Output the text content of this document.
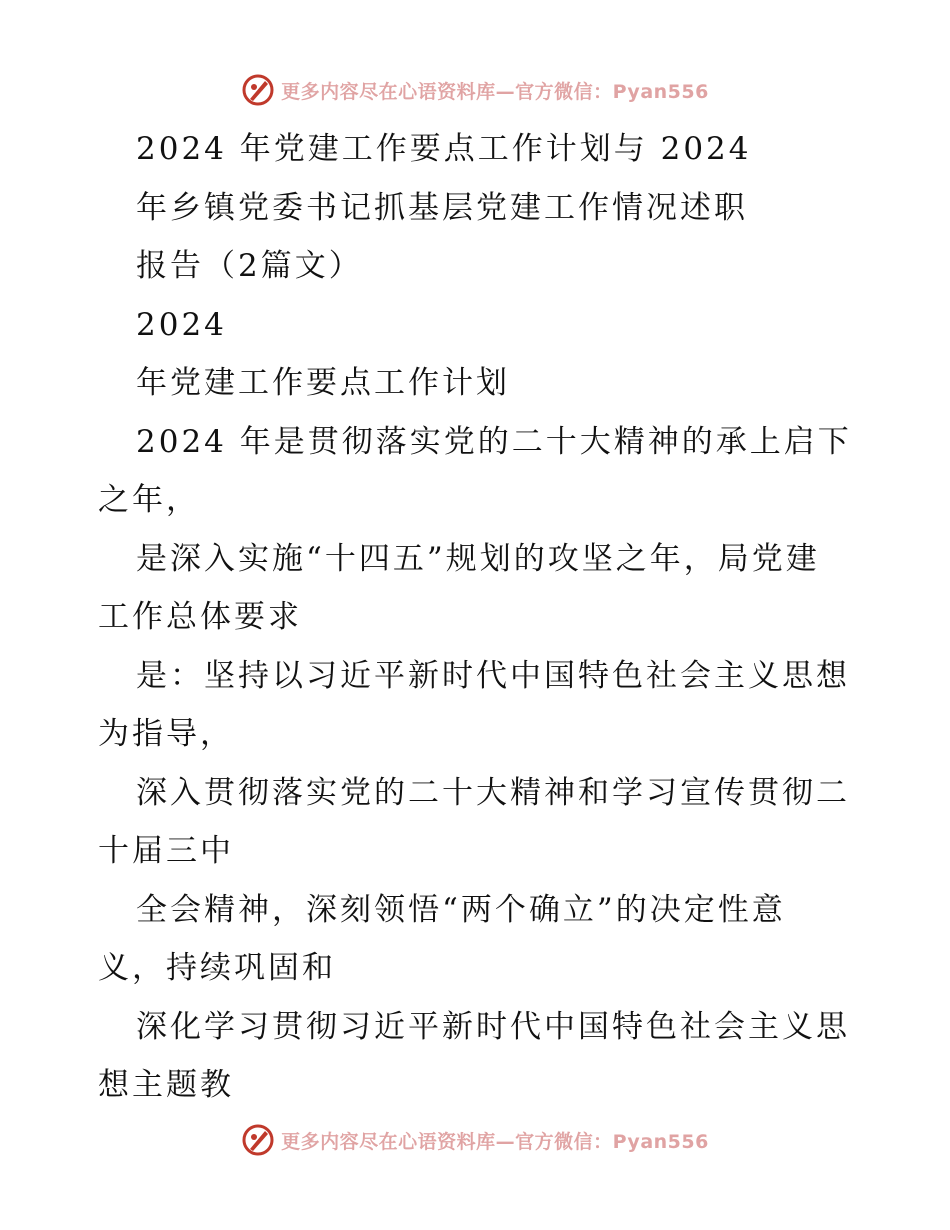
更多内容尽在心语资料库—官方微信：Pyan556
2024 年党建工作要点工作计划与 2024
年乡镇党委书记抓基层党建工作情况述职
报告（2篇文）
2024
年党建工作要点工作计划
2024 年是贯彻落实党的二十大精神的承上启下
之年，
是深入实施“十四五”规划的攻坚之年，局党建
工作总体要求
是：坚持以习近平新时代中国特色社会主义思想
为指导，
深入贯彻落实党的二十大精神和学习宣传贯彻二
十届三中
全会精神，深刻领悟“两个确立”的决定性意
义，持续巩固和
深化学习贯彻习近平新时代中国特色社会主义思
想主题教
更多内容尽在心语资料库—官方微信：Pyan556
